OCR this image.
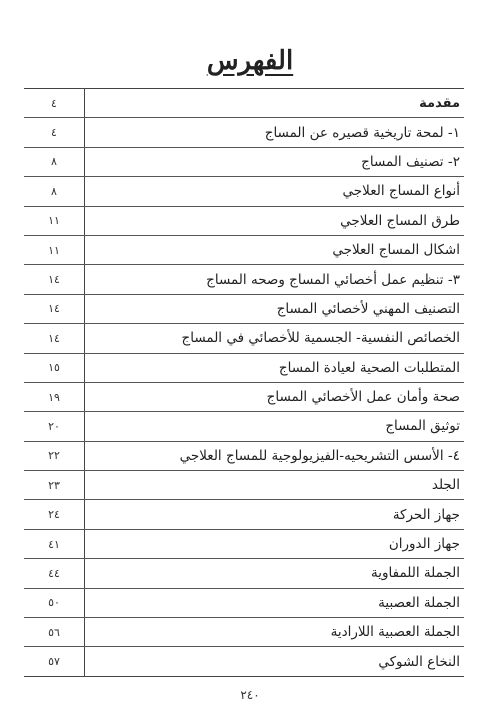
الفهرس
مقدمة	٤
١- لمحة تاريخية قصيره عن المساج	٤
٢- تصنيف المساج	٨
أنواع المساج العلاجي	٨
طرق المساج العلاجي	١١
اشكال المساج العلاجي	١١
٣- تنظيم عمل أخصائي المساج وصحه المساج	١٤
التصنيف المهني لأخصائي المساج	١٤
الخصائص النفسية- الجسمية للأخصائي في المساج	١٤
المتطلبات الصحية لعيادة المساج	١٥
صحة وأمان عمل الأخصائي المساج	١٩
توثيق المساج	٢٠
٤- الأسس التشريحيه-الفيزيولوجية للمساج العلاجي	٢٢
الجلد	٢٣
جهاز الحركة	٢٤
جهاز الدوران	٤١
الجملة اللمفاوية	٤٤
الجملة العصبية	٥٠
الجملة العصبية اللارادية	٥٦
النخاع الشوكي	٥٧
٢٤٠
